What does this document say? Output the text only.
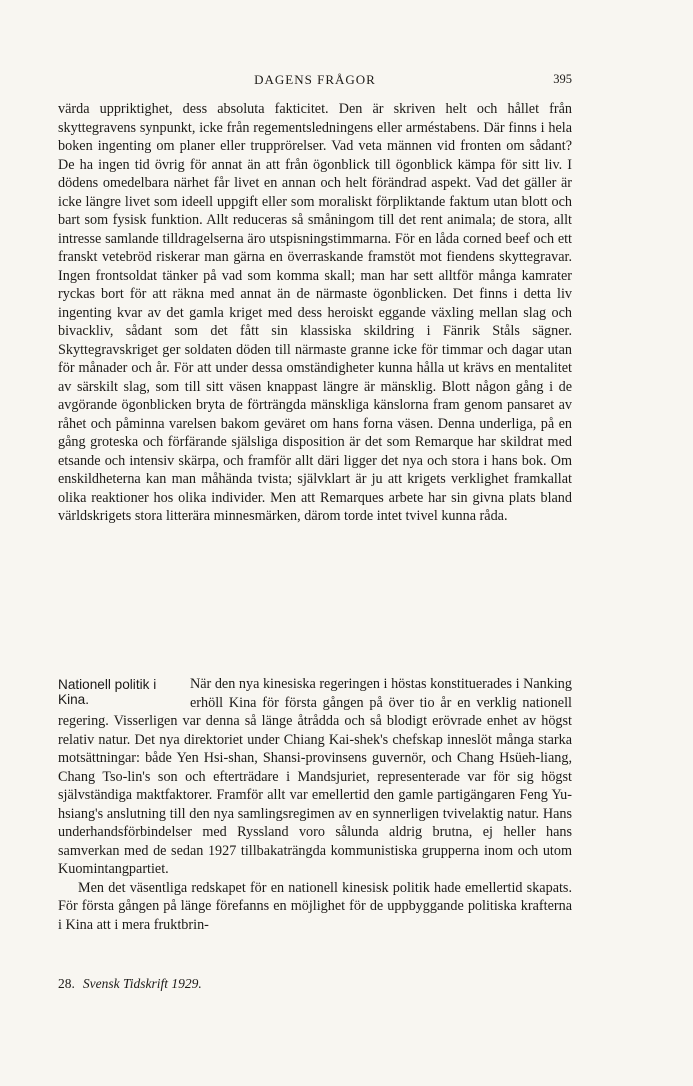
DAGENS FRÅGOR	395

värda uppriktighet, dess absoluta fakticitet. Den är skriven helt och hållet från skyttegravens synpunkt, icke från regementsledningens eller arméstabens. Där finns i hela boken ingenting om planer eller trupprörelser. Vad veta männen vid fronten om sådant? De ha ingen tid övrig för annat än att från ögonblick till ögonblick kämpa för sitt liv. I dödens omedelbara närhet får livet en annan och helt förändrad aspekt. Vad det gäller är icke längre livet som ideell uppgift eller som moraliskt förpliktande faktum utan blott och bart som fysisk funktion. Allt reduceras så småningom till det rent animala; de stora, allt intresse samlande tilldragelserna äro utspisningstimmarna. För en låda corned beef och ett franskt vetebröd riskerar man gärna en överraskande framstöt mot fiendens skyttegravar. Ingen frontsoldat tänker på vad som komma skall; man har sett alltför många kamrater ryckas bort för att räkna med annat än de närmaste ögonblicken. Det finns i detta liv ingenting kvar av det gamla kriget med dess heroiskt eggande växling mellan slag och bivackliv, sådant som det fått sin klassiska skildring i Fänrik Ståls sägner. Skyttegravskriget ger soldaten döden till närmaste granne icke för timmar och dagar utan för månader och år. För att under dessa omständigheter kunna hålla ut krävs en mentalitet av särskilt slag, som till sitt väsen knappast längre är mänsklig. Blott någon gång i de avgörande ögonblicken bryta de förträngda mänskliga känslorna fram genom pansaret av råhet och påminna varelsen bakom geväret om hans forna väsen. Denna underliga, på en gång groteska och förfärande själsliga disposition är det som Remarque har skildrat med etsande och intensiv skärpa, och framför allt däri ligger det nya och stora i hans bok. Om enskildheterna kan man måhända tvista; självklart är ju att krigets verklighet framkallat olika reaktioner hos olika individer. Men att Remarques arbete har sin givna plats bland världskrigets stora litterära minnesmärken, därom torde intet tvivel kunna råda.

Nationell politik i Kina.

När den nya kinesiska regeringen i höstas konstituerades i Nanking erhöll Kina för första gången på över tio år en verklig nationell regering. Visserligen var denna så länge åtrådda och så blodigt erövrade enhet av högst relativ natur. Det nya direktoriet under Chiang Kai-shek's chefskap inneslöt många starka motsättningar: både Yen Hsi-shan, Shansi-provinsens guvernör, och Chang Hsüeh-liang, Chang Tso-lin's son och efterträdare i Mandsjuriet, representerade var för sig högst självständiga maktfaktorer. Framför allt var emellertid den gamle partigängaren Feng Yu-hsiang's anslutning till den nya samlingsregimen av en synnerligen tvivelaktig natur. Hans underhandsförbindelser med Ryssland voro sålunda aldrig brutna, ej heller hans samverkan med de sedan 1927 tillbakaträngda kommunistiska grupperna inom och utom Kuomintangpartiet.

Men det väsentliga redskapet för en nationell kinesisk politik hade emellertid skapats. För första gången på länge förefanns en möjlighet för de uppbyggande politiska krafterna i Kina att i mera fruktbrin-

28. Svensk Tidskrift 1929.
